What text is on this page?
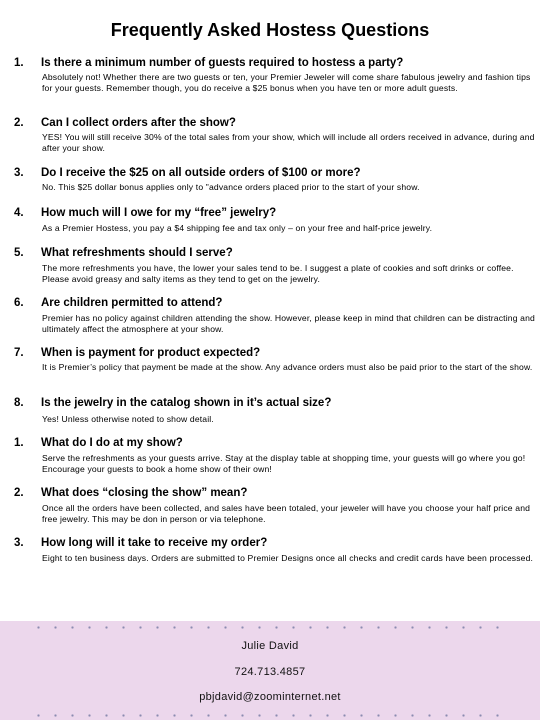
Frequently Asked Hostess Questions
1. Is there a minimum number of guests required to hostess a party?
Absolutely not! Whether there are two guests or ten, your Premier Jeweler will come share fabulous jewelry and fashion tips for your guests. Remember though, you do receive a $25 bonus when you have ten or more adult guests.
2. Can I collect orders after the show?
YES! You will still receive 30% of the total sales from your show, which will include all orders received in advance, during and after your show.
3. Do I receive the $25 on all outside orders of $100 or more?
No. This $25 dollar bonus applies only to "advance orders placed prior to the start of your show.
4. How much will I owe for my “free” jewelry?
As a Premier Hostess, you pay a $4 shipping fee and tax only – on your free and half-price jewelry.
5. What refreshments should I serve?
The more refreshments you have, the lower your sales tend to be. I suggest a plate of cookies and soft drinks or coffee. Please avoid greasy and salty items as they tend to get on the jewelry.
6. Are children permitted to attend?
Premier has no policy against children attending the show. However, please keep in mind that children can be distracting and ultimately affect the atmosphere at your show.
7. When is payment for product expected?
It is Premier’s policy that payment be made at the show. Any advance orders must also be paid prior to the start of the show.
8. Is the jewelry in the catalog shown in it’s actual size?
Yes! Unless otherwise noted to show detail.
1. What do I do at my show?
Serve the refreshments as your guests arrive. Stay at the display table at shopping time, your guests will go where you go! Encourage your guests to book a home show of their own!
2. What does “closing the show” mean?
Once all the orders have been collected, and sales have been totaled, your jeweler will have you choose your half price and free jewelry. This may be don in person or via telephone.
3. How long will it take to receive my order?
Eight to ten business days. Orders are submitted to Premier Designs once all checks and credit cards have been processed.
Julie David
724.713.4857
pbjdavid@zoominternet.net
